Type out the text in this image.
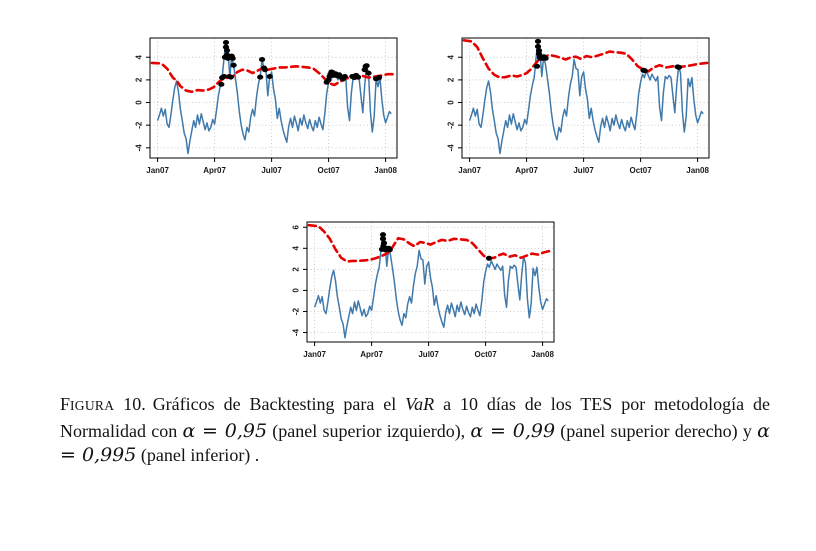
Jan07	Apr07	Jul07	Oct07	Jan08
-4
-2
0
2
4
Jan07	Apr07	Jul07	Oct07	Jan08
-4
-2
0
2
4
Jan07	Apr07	Jul07	Oct07	Jan08
-4
-2
0
2
4
6

FIGURA 10. Gráficos de Backtesting para el VaR a 10 días de los TES por metodología de Normalidad con α = 0,95 (panel superior izquierdo), α = 0,99 (panel superior derecho) y α = 0,995 (panel inferior) .
